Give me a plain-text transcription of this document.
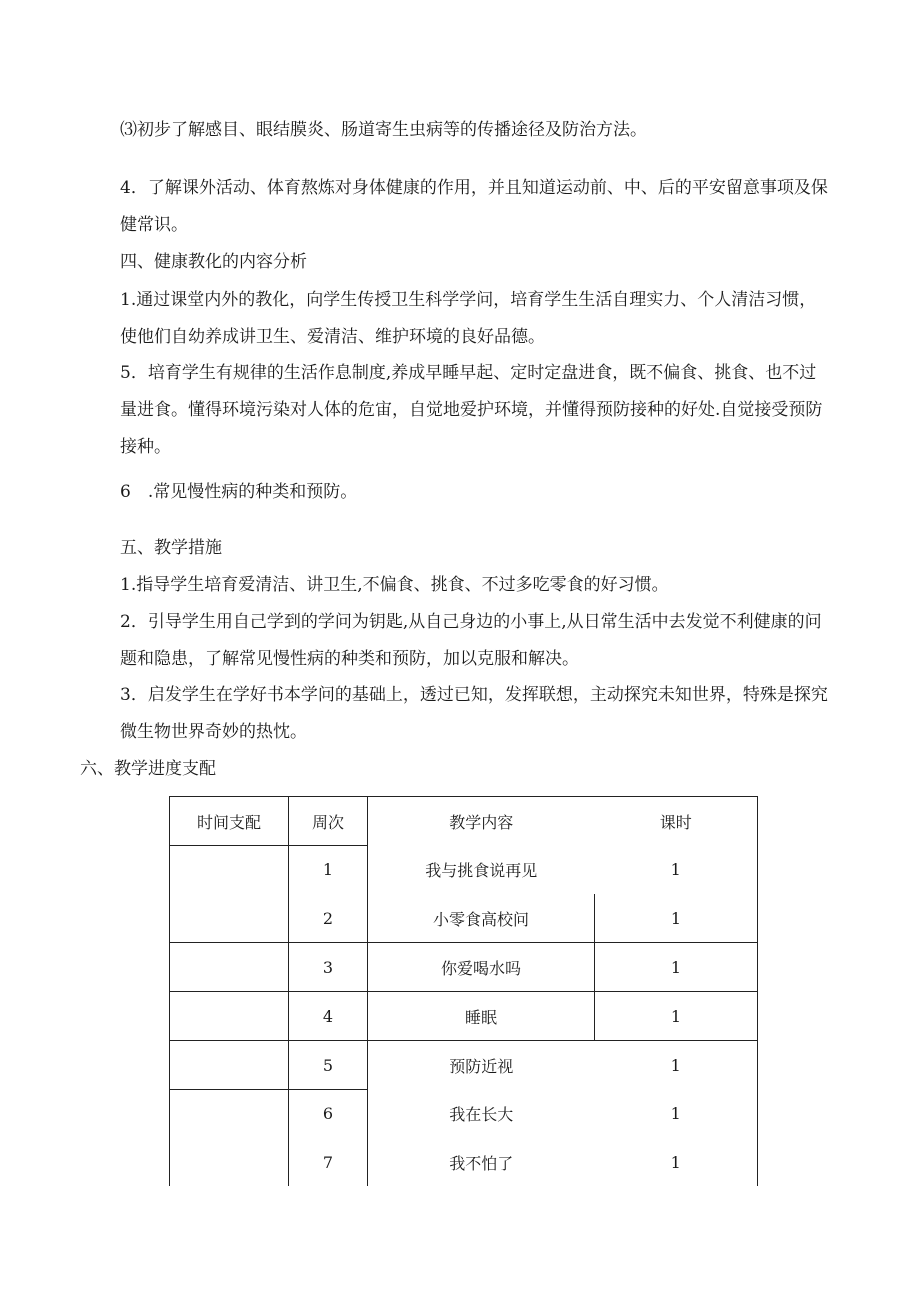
⑶初步了解感目、眼结膜炎、肠道寄生虫病等的传播途径及防治方法。
4．了解课外活动、体育熬炼对身体健康的作用，并且知道运动前、中、后的平安留意事项及保健常识。
四、健康教化的内容分析
1.通过课堂内外的教化，向学生传授卫生科学学问，培育学生生活自理实力、个人清洁习惯，使他们自幼养成讲卫生、爱清洁、维护环境的良好品德。
5．培育学生有规律的生活作息制度,养成早睡早起、定时定盘进食，既不偏食、挑食、也不过量进食。懂得环境污染对人体的危宙，自觉地爱护环境，并懂得预防接种的好处.自觉接受预防接种。
6　.常见慢性病的种类和预防。
五、教学措施
1.指导学生培育爱清洁、讲卫生,不偏食、挑食、不过多吃零食的好习惯。
2．引导学生用自己学到的学问为钥匙,从自己身边的小事上,从日常生活中去发觉不利健康的问题和隐患，了解常见慢性病的种类和预防，加以克服和解决。
3．启发学生在学好书本学问的基础上，透过已知，发挥联想，主动探究未知世界，特殊是探究微生物世界奇妙的热忱。
六、教学进度支配
时间支配	周次	教学内容	课时
	1	我与挑食说再见	1
	2	小零食高校问	1
	3	你爱喝水吗	1
	4	睡眠	1
	5	预防近视	1
	6	我在长大	1
	7	我不怕了	1
